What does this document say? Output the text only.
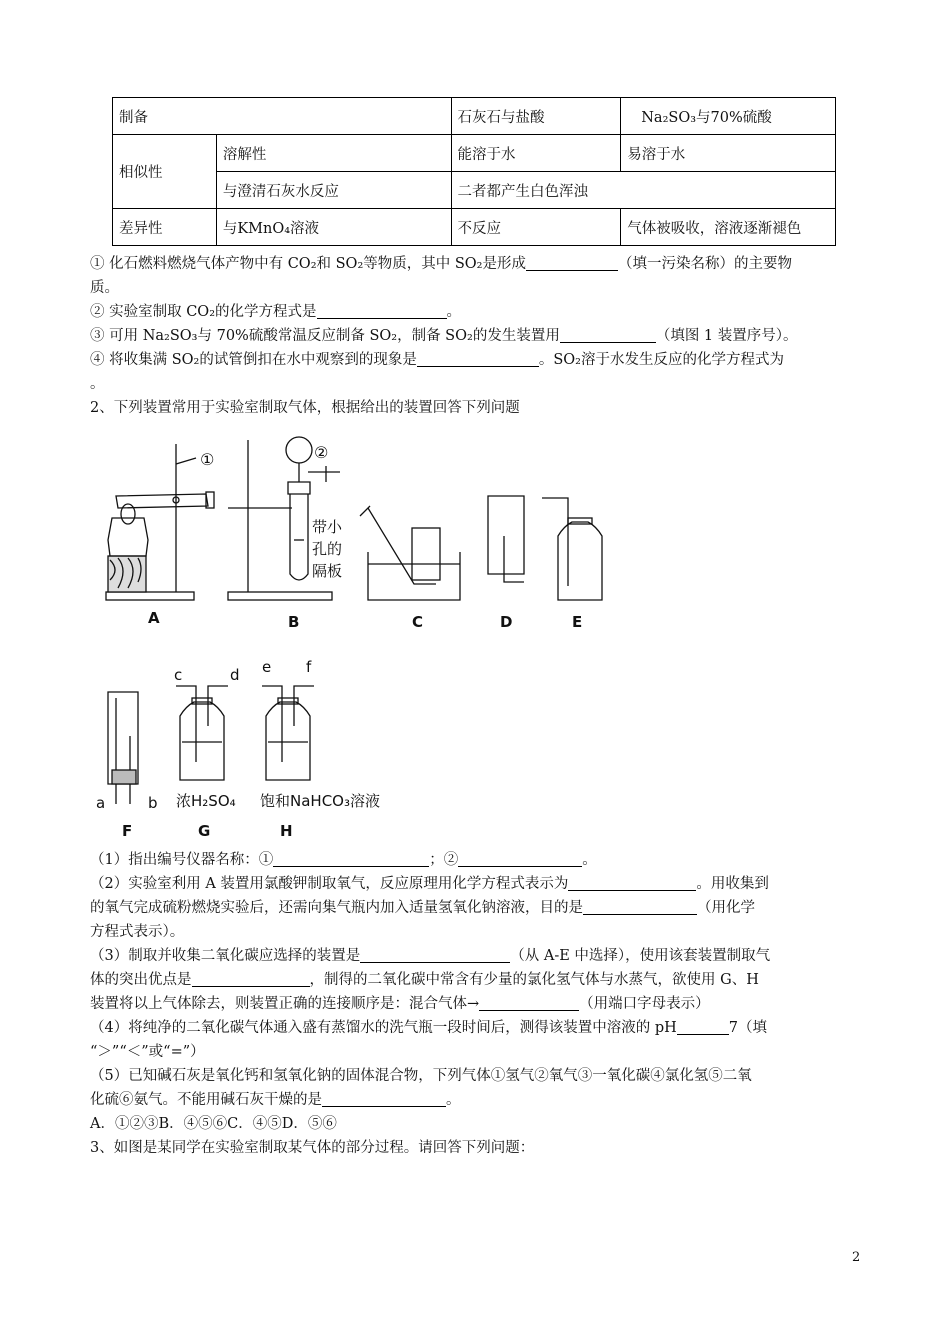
制备		石灰石与盐酸	Na₂SO₃与70%硫酸
相似性	溶解性	能溶于水	易溶于水
	与澄清石灰水反应	二者都产生白色浑浊	
差异性	与KMnO₄溶液	不反应	气体被吸收，溶液逐渐褪色
① 化石燃料燃烧气体产物中有 CO₂和 SO₂等物质，其中 SO₂是形成	（填一污染名称）的主要物
质。
② 实验室制取 CO₂的化学方程式是	。
③ 可用 Na₂SO₃与 70%硫酸常温反应制备 SO₂，制备 SO₂的发生装置用	（填图 1 装置序号）。
④ 将收集满 SO₂的试管倒扣在水中观察到的现象是	。SO₂溶于水发生反应的化学方程式为
。
2、下列装置常用于实验室制取气体，根据给出的装置回答下列问题
①
A
②
带小
孔的
隔板
B	C	D	E
a	b
F
c	d
浓H₂SO₄
G
e f
饱和NaHCO₃溶液
H
（1）指出编号仪器名称：①	；②	。
（2）实验室利用 A 装置用氯酸钾制取氧气，反应原理用化学方程式表示为	。用收集到
的氧气完成硫粉燃烧实验后，还需向集气瓶内加入适量氢氧化钠溶液，目的是	（用化学
方程式表示）。
（3）制取并收集二氧化碳应选择的装置是	（从 A-E 中选择），使用该套装置制取气
体的突出优点是	，制得的二氧化碳中常含有少量的氯化氢气体与水蒸气，欲使用 G、H
装置将以上气体除去，则装置正确的连接顺序是：混合气体→	（用端口字母表示）
（4）将纯净的二氧化碳气体通入盛有蒸馏水的洗气瓶一段时间后，测得该装置中溶液的 pH	7（填
“＞”“＜”或“=”）
（5）已知碱石灰是氧化钙和氢氧化钠的固体混合物，下列气体①氢气②氧气③一氧化碳④氯化氢⑤二氧
化硫⑥氨气。不能用碱石灰干燥的是	。
A．①②③B．④⑤⑥C．④⑤D．⑤⑥
3、如图是某同学在实验室制取某气体的部分过程。请回答下列问题：
2
